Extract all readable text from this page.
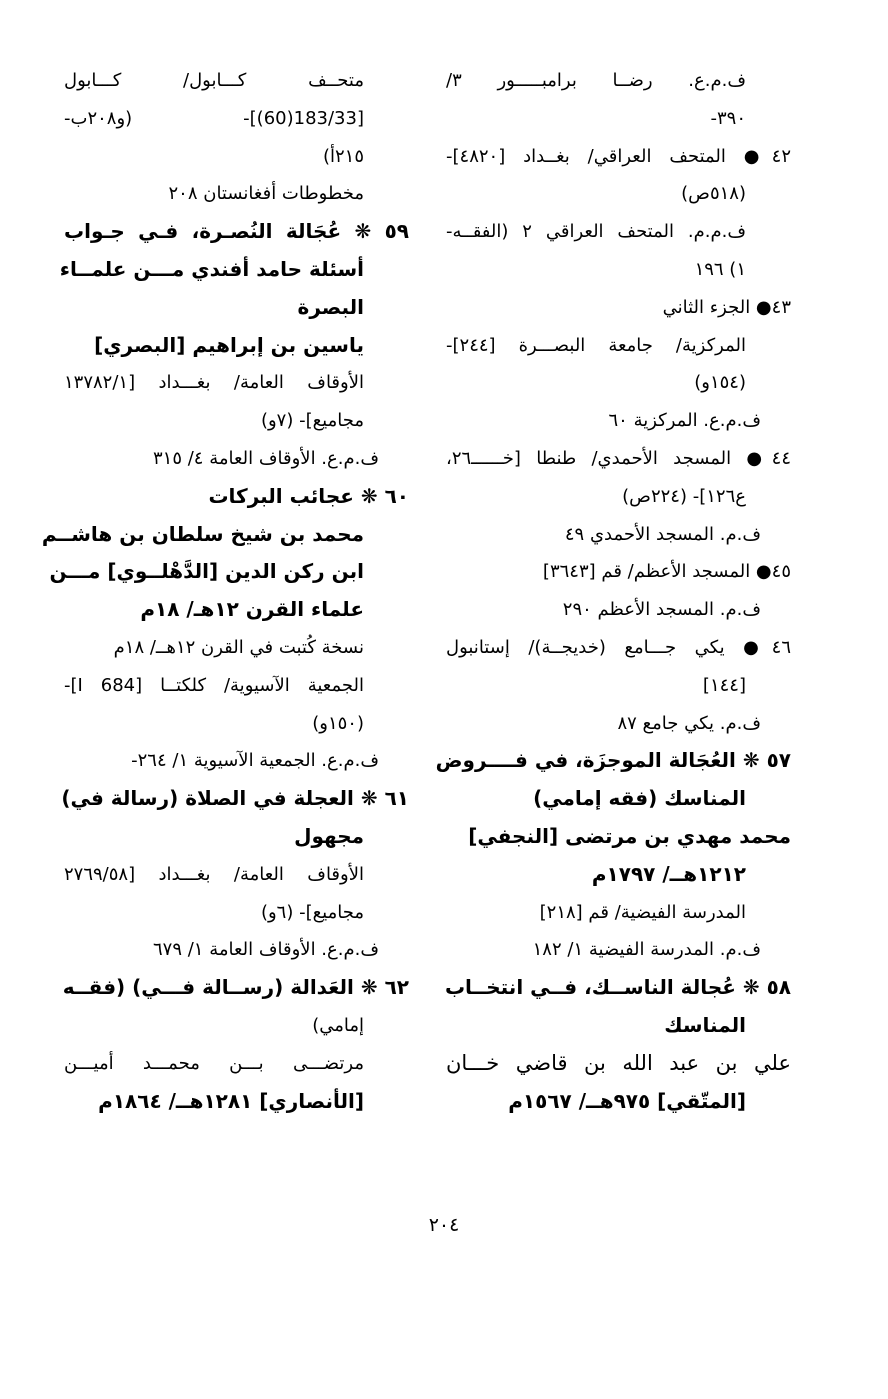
ف.م.ع. رضــا برامبـــــور ٣/
٣٩٠-
٤٢● المتحف العراقي/ بغــداد [٤٨٢٠]-
(٥١٨ص)
ف.م.م. المتحف العراقي ٢ (الفقــه-
١) ١٩٦
٤٣● الجزء الثاني
المركزية/ جامعة البصـــرة [٢٤٤]-
(١٥٤و)
ف.م.ع. المركزية ٦٠
٤٤● المسجد الأحمدي/ طنطا [خــــــ٢٦،
ع١٢٦]- (٢٢٤ص)
ف.م. المسجد الأحمدي ٤٩
٤٥● المسجد الأعظم/ قم [٣٦٤٣]
ف.م. المسجد الأعظم ٢٩٠
٤٦● يكي جـــامع (خديجــة)/ إستانبول
[١٤٤]
ف.م. يكي جامع ٨٧
٥٧ ❋ العُجَالة الموجزَة، في فــــروض
المناسك (فقه إمامي)
محمد مهدي بن مرتضى [النجفي]
١٢١٢هــ/ ١٧٩٧م
المدرسة الفيضية/ قم [٢١٨]
ف.م. المدرسة الفيضية ١/ ١٨٢
٥٨ ❋ عُجالة الناســك، فــي انتخــاب
المناسك
علي بن عبد الله بن قاضي خـــان
[المتّقي] ٩٧٥هــ/ ١٥٦٧م
متحــف كـــابول/ كـــابول
[183/33(60)]- (و٢٠٨ب-
٢١٥أ)
مخطوطات أفغانستان ٢٠٨
٥٩ ❋ عُجَالة النُصـرة، فـي جـواب
أسئلة حامد أفندي مـــن علمــاء
البصرة
ياسين بن إبراهيم [البصري]
الأوقاف العامة/ بغـــداد [١٣٧٨٢/١
مجاميع]- (٧و)
ف.م.ع. الأوقاف العامة ٤/ ٣١٥
٦٠ ❋ عجائب البركات
محمد بن شيخ سلطان بن هاشــم
ابن ركن الدين [الدَّهْلــوي] مـــن
علماء القرن ١٢هـ/ ١٨م
نسخة كُتبت في القرن ١٢هــ/ ١٨م
الجمعية الآسيوية/ كلكتــا [684 I]-
(١٥٠و)
ف.م.ع. الجمعية الآسيوية ١/ ٢٦٤-
٦١ ❋ العجلة في الصلاة (رسالة في)
مجهول
الأوقاف العامة/ بغـــداد [٢٧٦٩/٥٨
مجاميع]- (٦و)
ف.م.ع. الأوقاف العامة ١/ ٦٧٩
٦٢ ❋ العَدالة (رســالة فـــي) (فقــه
إمامي)
مرتضـــى بـــن محمـــد أميـــن
[الأنصاري] ١٢٨١هــ/ ١٨٦٤م
٢٠٤
